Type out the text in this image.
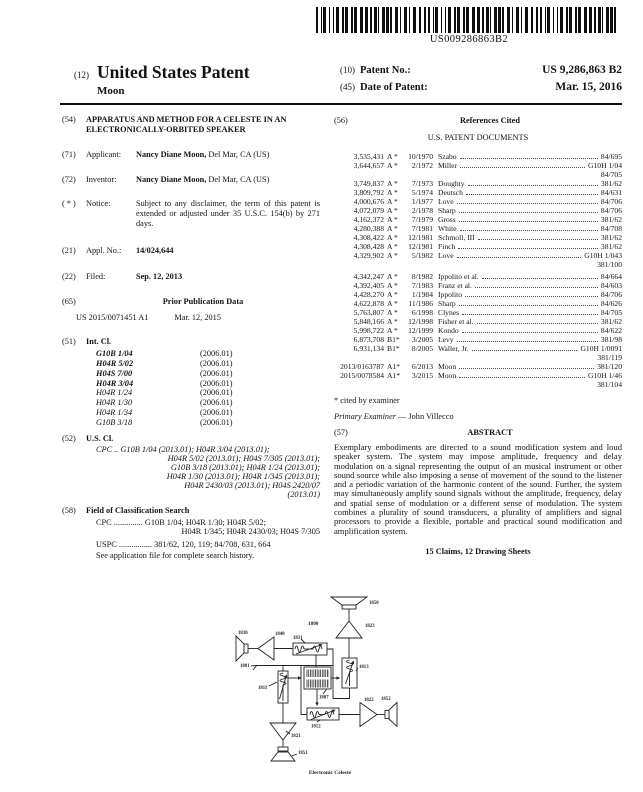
US009286863B2
(12) United States Patent
Moon
(10) Patent No.:	US 9,286,863 B2
(45) Date of Patent:	Mar. 15, 2016
(54)	APPARATUS AND METHOD FOR A CELESTE IN AN ELECTRONICALLY-ORBITED SPEAKER
(71)	Applicant: Nancy Diane Moon, Del Mar, CA (US)
(72)	Inventor: Nancy Diane Moon, Del Mar, CA (US)
( * )	Notice:	Subject to any disclaimer, the term of this patent is extended or adjusted under 35 U.S.C. 154(b) by 271 days.
(21)	Appl. No.: 14/024,644
(22)	Filed:	Sep. 12, 2013
(65)	Prior Publication Data
US 2015/0071451 A1	Mar. 12, 2015
(51)	Int. Cl.
G10B 1/04	(2006.01)
H04R 5/02	(2006.01)
H04S 7/00	(2006.01)
H04R 3/04	(2006.01)
H04R 1/24	(2006.01)
H04R 1/30	(2006.01)
H04R 1/34	(2006.01)
G10B 3/18	(2006.01)
(52)	U.S. Cl.
CPC .. G10B 1/04 (2013.01); H04R 3/04 (2013.01);
H04R 5/02 (2013.01); H04S 7/305 (2013.01);
G10B 3/18 (2013.01); H04R 1/24 (2013.01);
H04R 1/30 (2013.01); H04R 1/345 (2013.01);
H04R 2430/03 (2013.01); H04S 2420/07
(2013.01)
(58)	Field of Classification Search
CPC .............. G10B 1/04; H04R 1/30; H04R 5/02;
H04R 1/345; H04R 2430/03; H04S 7/305
USPC ................ 381/62, 120, 119; 84/708, 631, 664
See application file for complete search history.
(56)	References Cited
U.S. PATENT DOCUMENTS
3,535,431 A *	10/1970 Szabo	84/695
3,644,657 A *	2/1972 Miller	G10H 1/04
84/705
3,749,837 A *	7/1973 Doughty	381/62
3,809,792 A *	5/1974 Deutsch	84/631
4,000,676 A *	1/1977 Love	84/706
4,072,079 A *	2/1978 Sharp	84/706
4,162,372 A *	7/1979 Gross	381/62
4,280,388 A *	7/1981 White	84/708
4,308,422 A *	12/1981 Schmoll, III	381/62
4,308,428 A *	12/1981 Finch	381/62
4,329,902 A *	5/1982 Love	G10H 1/043
381/100
4,342,247 A *	8/1982 Ippolito et al.	84/664
4,392,405 A *	7/1983 Franz et al.	84/603
4,428,270 A *	1/1984 Ippolito	84/706
4,622,878 A *	11/1986 Sharp	84/626
5,763,807 A *	6/1998 Clynes	84/705
5,848,166 A *	12/1998 Fisher et al.	381/62
5,998,722 A *	12/1999 Kondo	84/622
6,873,708 B1*	3/2005 Levy	381/98
6,931,134 B1*	8/2005 Waller, Jr.	G10H 1/0091
381/119
2013/0163787 A1*	6/2013 Moon	381/120
2015/0078584 A1*	3/2015 Moon	G10H 1/46
381/104
* cited by examiner
Primary Examiner — John Villecco
(57)	ABSTRACT
Exemplary embodiments are directed to a sound modification system and loud speaker system. The system may impose amplitude, frequency and delay modulation on a signal representing the output of an musical instrument or other sound source while also imposing a sense of movement of the sound to the listener and a periodic variation of the harmonic content of the sound. Further, the system may simultaneously amplify sound signals without the amplitude, frequency, delay and spatial sense of modulation or a different sense of modulation. The system combines a plurality of sound transducers, a plurality of amplifiers and signal processors to provide a flexible, portable and practical sound modification and amplification system.
15 Claims, 12 Drawing Sheets
1850
1823
1813
1800
1830	1840
1831
1801
1811
1807
1812
1822 1852
1821
1851
Electronic Celeste
